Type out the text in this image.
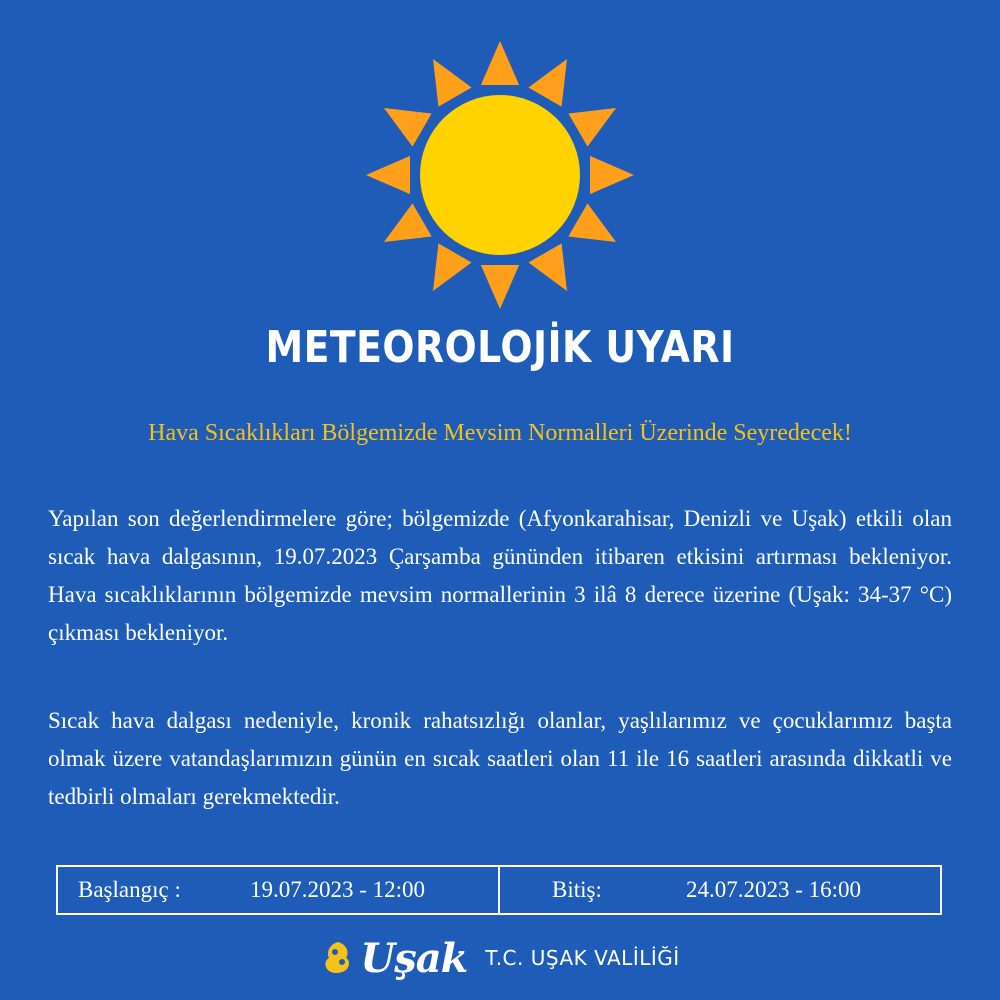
METEOROLOJİK UYARI
Hava Sıcaklıkları Bölgemizde Mevsim Normalleri Üzerinde Seyredecek!
Yapılan son değerlendirmelere göre; bölgemizde (Afyonkarahisar, Denizli ve Uşak) etkili olan sıcak hava dalgasının, 19.07.2023 Çarşamba gününden itibaren etkisini artırması bekleniyor. Hava sıcaklıklarının bölgemizde mevsim normallerinin 3 ilâ 8 derece üzerine (Uşak: 34-37 °C) çıkması bekleniyor.
Sıcak hava dalgası nedeniyle, kronik rahatsızlığı olanlar, yaşlılarımız ve çocuklarımız başta olmak üzere vatandaşlarımızın günün en sıcak saatleri olan 11 ile 16 saatleri arasında dikkatli ve tedbirli olmaları gerekmektedir.
Başlangıç :	19.07.2023 - 12:00	Bitiş:	24.07.2023 - 16:00
Uşak T.C. UŞAK VALİLİĞİ
